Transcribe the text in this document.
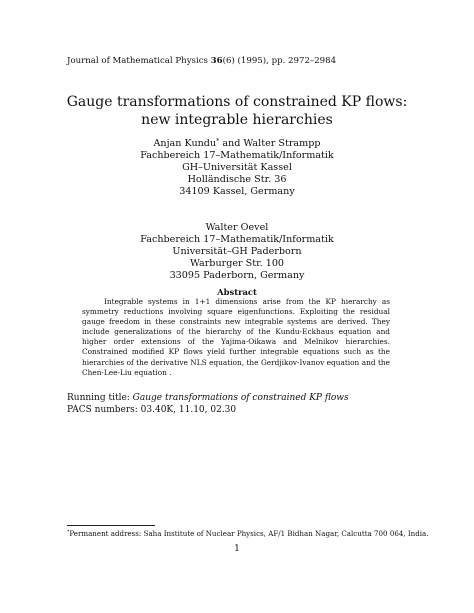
Journal of Mathematical Physics 36(6) (1995), pp. 2972–2984
Gauge transformations of constrained KP flows:
new integrable hierarchies
Anjan Kundu* and Walter Strampp
Fachbereich 17–Mathematik/Informatik
GH–Universität Kassel
Holländische Str. 36
34109 Kassel, Germany
Walter Oevel
Fachbereich 17–Mathematik/Informatik
Universität–GH Paderborn
Warburger Str. 100
33095 Paderborn, Germany
Abstract
Integrable systems in 1+1 dimensions arise from the KP hierarchy as symmetry reductions involving square eigenfunctions. Exploiting the residual gauge freedom in these constraints new integrable systems are derived. They include generalizations of the hierarchy of the Kundu-Eckhaus equation and higher order extensions of the Yajima-Oikawa and Melnikov hierarchies. Constrained modified KP flows yield further integrable equations such as the hierarchies of the derivative NLS equation, the Gerdjikov-Ivanov equation and the Chen-Lee-Liu equation .
Running title: Gauge transformations of constrained KP flows
PACS numbers: 03.40K, 11.10, 02.30
*Permanent address: Saha Institute of Nuclear Physics, AF/1 Bidhan Nagar, Calcutta 700 064, India.
1
